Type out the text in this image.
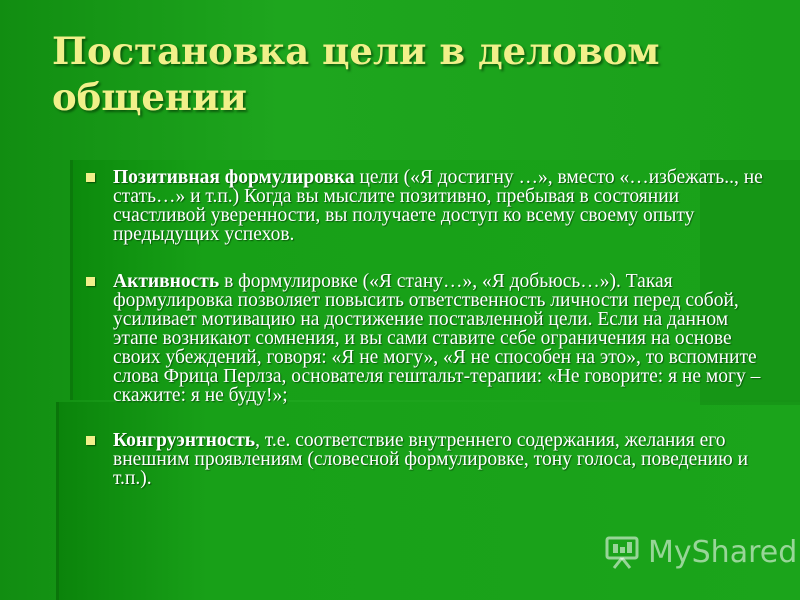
Постановка цели в деловом общении
Позитивная формулировка цели («Я достигну …», вместо «…избежать.., не стать…» и т.п.) Когда вы мыслите позитивно, пребывая в состоянии счастливой уверенности, вы получаете доступ ко всему своему опыту предыдущих успехов.
Активность в формулировке («Я стану…», «Я добьюсь…»). Такая формулировка позволяет повысить ответственность личности перед собой, усиливает мотивацию на достижение поставленной цели. Если на данном этапе возникают сомнения, и вы сами ставите себе ограничения на основе своих убеждений, говоря: «Я не могу», «Я не способен на это», то вспомните слова Фрица Перлза, основателя гештальт-терапии: «Не говорите: я не могу – скажите: я не буду!»;
Конгруэнтность, т.е. соответствие внутреннего содержания, желания его внешним проявлениям (словесной формулировке, тону голоса, поведению и т.п.).
MyShared
